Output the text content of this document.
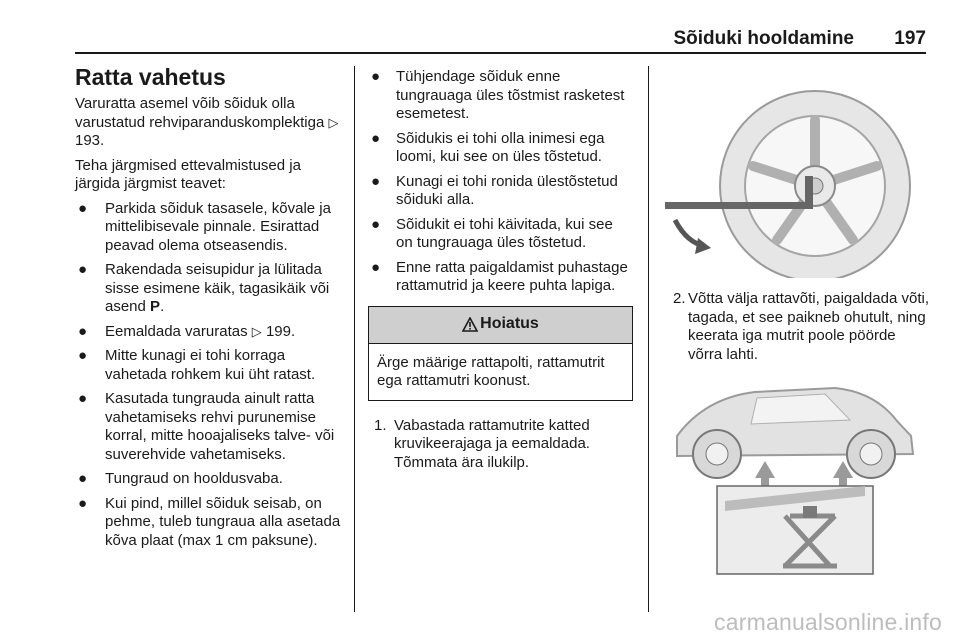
Sõiduki hooldamine 197
Ratta vahetus
Varuratta asemel võib sõiduk olla varustatud rehviparanduskomplektiga ▷ 193.
Teha järgmised ettevalmistused ja järgida järgmist teavet:
● Parkida sõiduk tasasele, kõvale ja mittelibisevale pinnale. Esirattad peavad olema otseasendis.
● Rakendada seisupidur ja lülitada sisse esimene käik, tagasikäik või asend P.
● Eemaldada varuratas ▷ 199.
● Mitte kunagi ei tohi korraga vahetada rohkem kui üht ratast.
● Kasutada tungrauda ainult ratta vahetamiseks rehvi purunemise korral, mitte hooajaliseks talve- või suverehvide vahetamiseks.
● Tungraud on hooldusvaba.
● Kui pind, millel sõiduk seisab, on pehme, tuleb tungraua alla asetada kõva plaat (max 1 cm paksune).
● Tühjendage sõiduk enne tungrauaga üles tõstmist rasketest esemetest.
● Sõidukis ei tohi olla inimesi ega loomi, kui see on üles tõstetud.
● Kunagi ei tohi ronida ülestõstetud sõiduki alla.
● Sõidukit ei tohi käivitada, kui see on tungrauaga üles tõstetud.
● Enne ratta paigaldamist puhastage rattamutrid ja keere puhta lapiga.
Hoiatus
Ärge määrige rattapolti, rattamutrit ega rattamutri koonust.
1. Vabastada rattamutrite katted kruvikeerajaga ja eemaldada. Tõmmata ära ilukilp.
2. Võtta välja rattavõti, paigaldada võti, tagada, et see paikneb ohutult, ning keerata iga mutrit poole pöörde võrra lahti.
carmanualsonline.info
